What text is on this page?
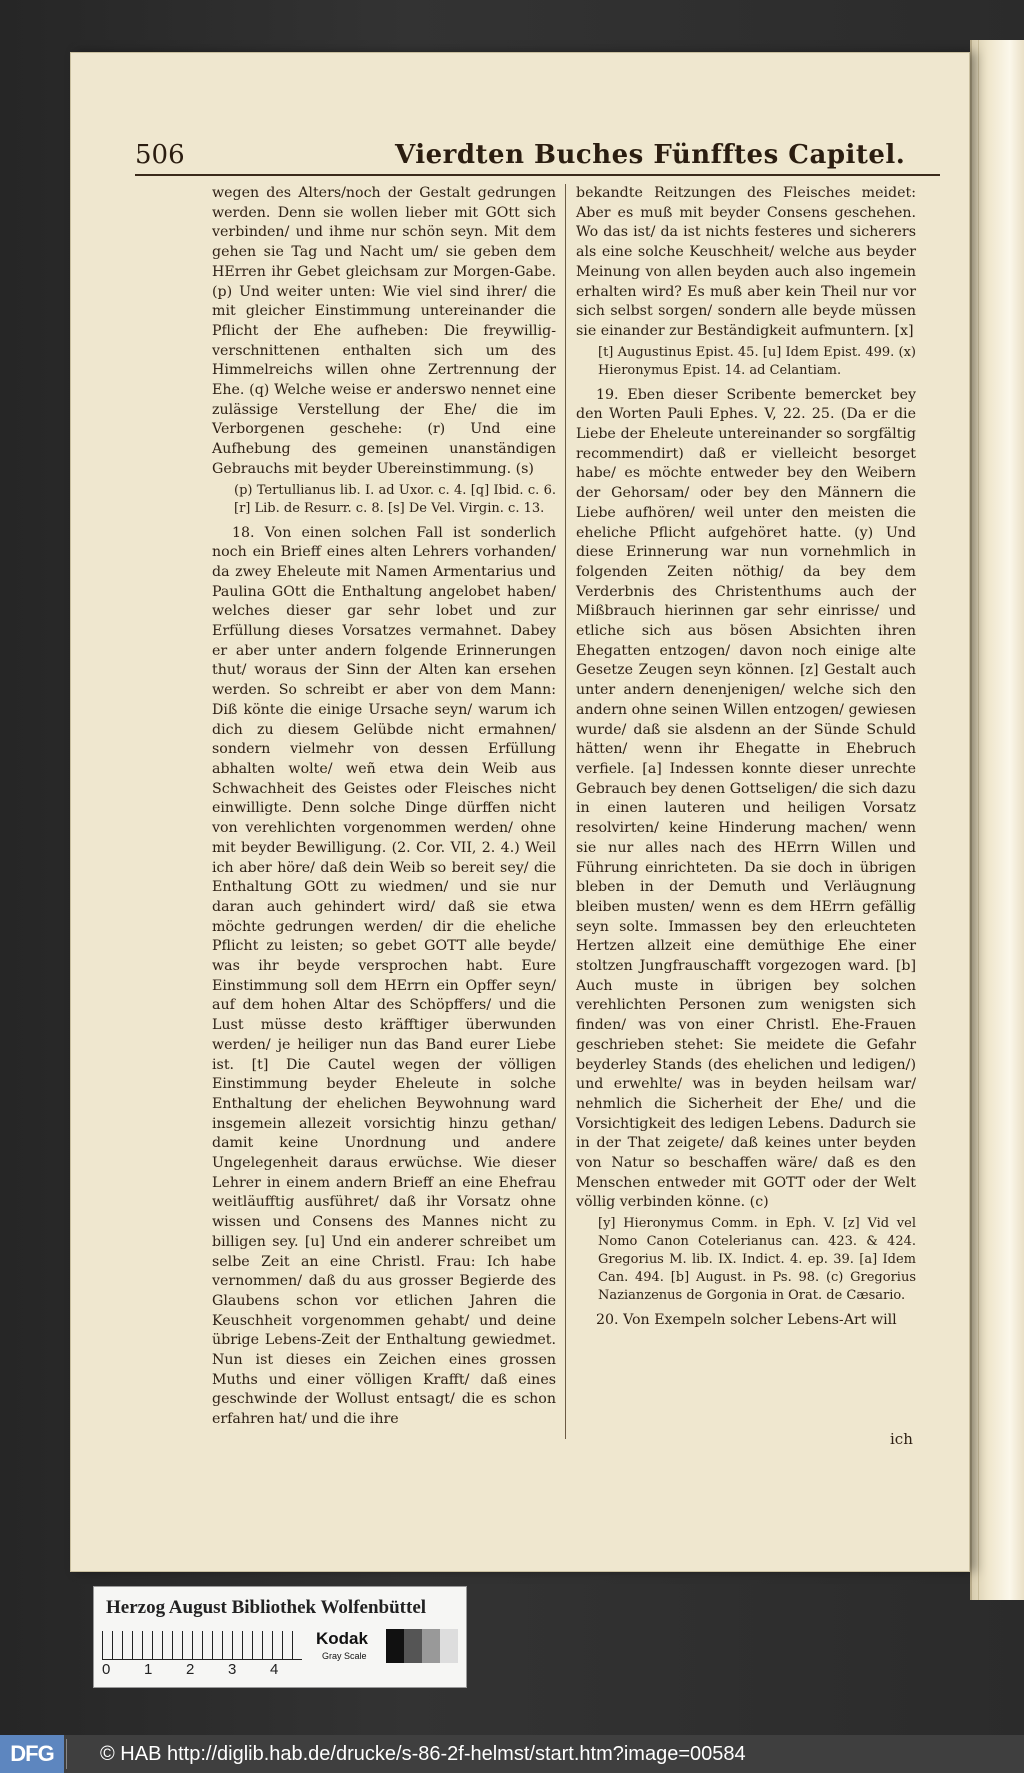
506	Vierdten Buches Fünfftes Capitel.

wegen des Alters/noch der Gestalt gedrungen werden. Denn sie wollen lieber mit GOtt sich verbinden/ und ihme nur schön seyn. Mit dem gehen sie Tag und Nacht um/ sie geben dem HErren ihr Gebet gleichsam zur Morgen-Gabe. (p) Und weiter unten: Wie viel sind ihrer/ die mit gleicher Einstimmung untereinander die Pflicht der Ehe aufheben: Die freywillig-verschnittenen enthalten sich um des Himmelreichs willen ohne Zertrennung der Ehe. (q) Welche weise er anderswo nennet eine zulässige Verstellung der Ehe/ die im Verborgenen geschehe: (r) Und eine Aufhebung des gemeinen unanständigen Gebrauchs mit beyder Ubereinstimmung. (s)

(p) Tertullianus lib. I. ad Uxor. c. 4. [q] Ibid. c. 6. [r] Lib. de Resurr. c. 8. [s] De Vel. Virgin. c. 13.

18. Von einen solchen Fall ist sonderlich noch ein Brieff eines alten Lehrers vorhanden/ da zwey Eheleute mit Namen Armentarius und Paulina GOtt die Enthaltung angelobet haben/ welches dieser gar sehr lobet und zur Erfüllung dieses Vorsatzes vermahnet. Dabey er aber unter andern folgende Erinnerungen thut/ woraus der Sinn der Alten kan ersehen werden. So schreibt er aber von dem Mann: Diß könte die einige Ursache seyn/ warum ich dich zu diesem Gelübde nicht ermahnen/ sondern vielmehr von dessen Erfüllung abhalten wolte/ weñ etwa dein Weib aus Schwachheit des Geistes oder Fleisches nicht einwilligte. Denn solche Dinge dürffen nicht von verehlichten vorgenommen werden/ ohne mit beyder Bewilligung. (2. Cor. VII, 2. 4.) Weil ich aber höre/ daß dein Weib so bereit sey/ die Enthaltung GOtt zu wiedmen/ und sie nur daran auch gehindert wird/ daß sie etwa möchte gedrungen werden/ dir die eheliche Pflicht zu leisten; so gebet GOTT alle beyde/ was ihr beyde versprochen habt. Eure Einstimmung soll dem HErrn ein Opffer seyn/ auf dem hohen Altar des Schöpffers/ und die Lust müsse desto kräfftiger überwunden werden/ je heiliger nun das Band eurer Liebe ist. [t] Die Cautel wegen der völligen Einstimmung beyder Eheleute in solche Enthaltung der ehelichen Beywohnung ward insgemein allezeit vorsichtig hinzu gethan/ damit keine Unordnung und andere Ungelegenheit daraus erwüchse. Wie dieser Lehrer in einem andern Brieff an eine Ehefrau weitläufftig ausführet/ daß ihr Vorsatz ohne wissen und Consens des Mannes nicht zu billigen sey. [u] Und ein anderer schreibet um selbe Zeit an eine Christl. Frau: Ich habe vernommen/ daß du aus grosser Begierde des Glaubens schon vor etlichen Jahren die Keuschheit vorgenommen gehabt/ und deine übrige Lebens-Zeit der Enthaltung gewiedmet. Nun ist dieses ein Zeichen eines grossen Muths und einer völligen Krafft/ daß eines geschwinde der Wollust entsagt/ die es schon erfahren hat/ und die ihre

bekandte Reitzungen des Fleisches meidet: Aber es muß mit beyder Consens geschehen. Wo das ist/ da ist nichts festeres und sicherers als eine solche Keuschheit/ welche aus beyder Meinung von allen beyden auch also ingemein erhalten wird? Es muß aber kein Theil nur vor sich selbst sorgen/ sondern alle beyde müssen sie einander zur Beständigkeit aufmuntern. [x]

[t] Augustinus Epist. 45. [u] Idem Epist. 499. (x) Hieronymus Epist. 14. ad Celantiam.

19. Eben dieser Scribente bemercket bey den Worten Pauli Ephes. V, 22. 25. (Da er die Liebe der Eheleute untereinander so sorgfältig recommendirt) daß er vielleicht besorget habe/ es möchte entweder bey den Weibern der Gehorsam/ oder bey den Männern die Liebe aufhören/ weil unter den meisten die eheliche Pflicht aufgehöret hatte. (y) Und diese Erinnerung war nun vornehmlich in folgenden Zeiten nöthig/ da bey dem Verderbnis des Christenthums auch der Mißbrauch hierinnen gar sehr einrisse/ und etliche sich aus bösen Absichten ihren Ehegatten entzogen/ davon noch einige alte Gesetze Zeugen seyn können. [z] Gestalt auch unter andern denenjenigen/ welche sich den andern ohne seinen Willen entzogen/ gewiesen wurde/ daß sie alsdenn an der Sünde Schuld hätten/ wenn ihr Ehegatte in Ehebruch verfiele. [a] Indessen konnte dieser unrechte Gebrauch bey denen Gottseligen/ die sich dazu in einen lauteren und heiligen Vorsatz resolvirten/ keine Hinderung machen/ wenn sie nur alles nach des HErrn Willen und Führung einrichteten. Da sie doch in übrigen bleben in der Demuth und Verläugnung bleiben musten/ wenn es dem HErrn gefällig seyn solte. Immassen bey den erleuchteten Hertzen allzeit eine demüthige Ehe einer stoltzen Jungfrauschafft vorgezogen ward. [b] Auch muste in übrigen bey solchen verehlichten Personen zum wenigsten sich finden/ was von einer Christl. Ehe-Frauen geschrieben stehet: Sie meidete die Gefahr beyderley Stands (des ehelichen und ledigen/) und erwehlte/ was in beyden heilsam war/ nehmlich die Sicherheit der Ehe/ und die Vorsichtigkeit des ledigen Lebens. Dadurch sie in der That zeigete/ daß keines unter beyden von Natur so beschaffen wäre/ daß es den Menschen entweder mit GOTT oder der Welt völlig verbinden könne. (c)

[y] Hieronymus Comm. in Eph. V. [z] Vid vel Nomo Canon Cotelerianus can. 423. & 424. Gregorius M. lib. IX. Indict. 4. ep. 39. [a] Idem Can. 494. [b] August. in Ps. 98. (c) Gregorius Nazianzenus de Gorgonia in Orat. de Cæsario.

20. Von Exempeln solcher Lebens-Art will

ich
Herzog August Bibliothek Wolfenbüttel
0 1 2 3 4
Kodak
Gray Scale
DFG	© HAB http://diglib.hab.de/drucke/s-86-2f-helmst/start.htm?image=00584
